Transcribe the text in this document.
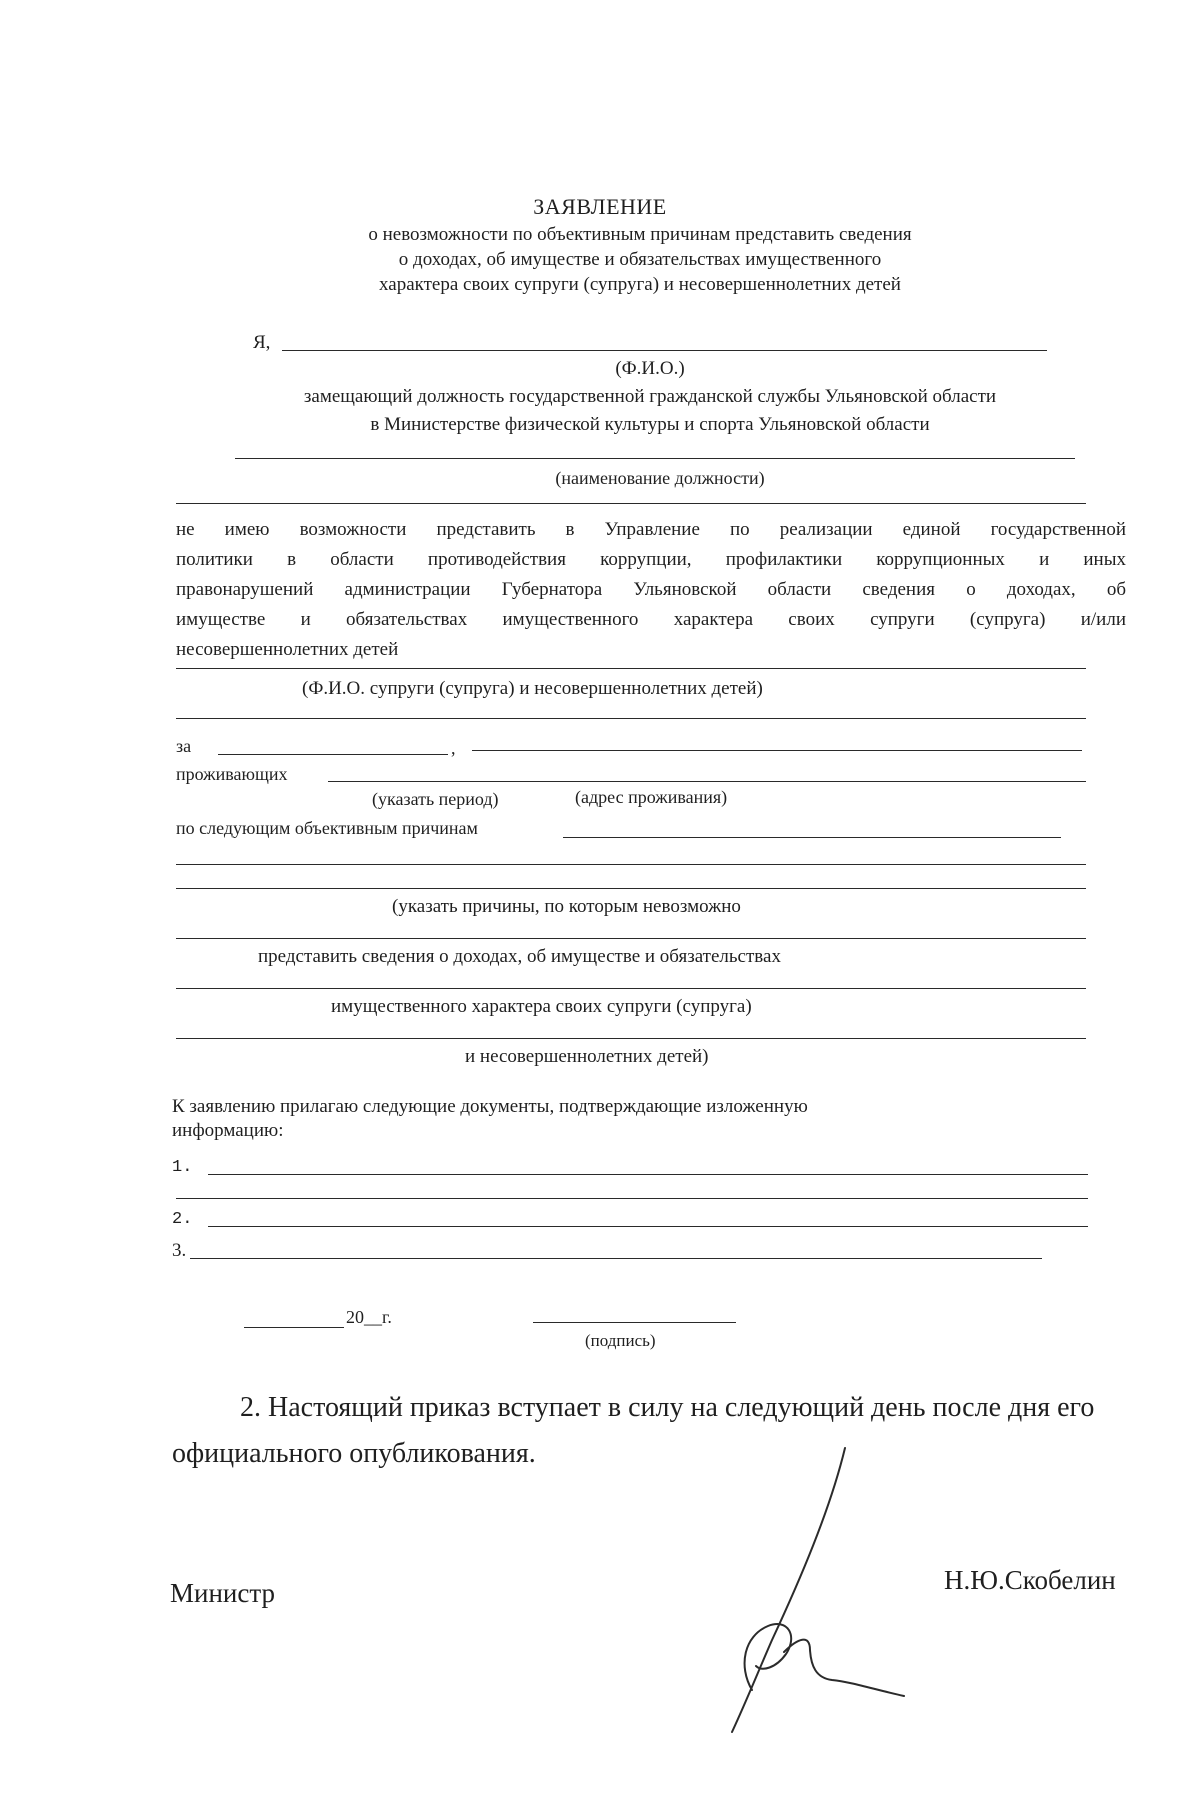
ЗАЯВЛЕНИЕ
о невозможности по объективным причинам представить сведения
о доходах, об имуществе и обязательствах имущественного
характера своих супруги (супруга) и несовершеннолетних детей
Я,
(Ф.И.О.)
замещающий должность государственной гражданской службы Ульяновской области
в Министерстве физической культуры и спорта Ульяновской области
(наименование должности)
не имею возможности представить в Управление по реализации единой государственной
политики в области противодействия коррупции, профилактики коррупционных и иных
правонарушений администрации Губернатора Ульяновской области сведения о доходах, об
имуществе и обязательствах имущественного характера своих супруги (супруга) и/или
несовершеннолетних детей
(Ф.И.О. супруги (супруга) и несовершеннолетних детей)
за	,
проживающих
(указать период)	(адрес проживания)
по следующим объективным причинам
(указать причины, по которым невозможно
представить сведения о доходах, об имуществе и обязательствах
имущественного характера своих супруги (супруга)
и несовершеннолетних детей)
К заявлению прилагаю следующие документы, подтверждающие изложенную
информацию:
1.
2.
3.
20__г.
(подпись)
2. Настоящий приказ вступает в силу на следующий день после дня его
официального опубликования.
Министр	Н.Ю.Скобелин
